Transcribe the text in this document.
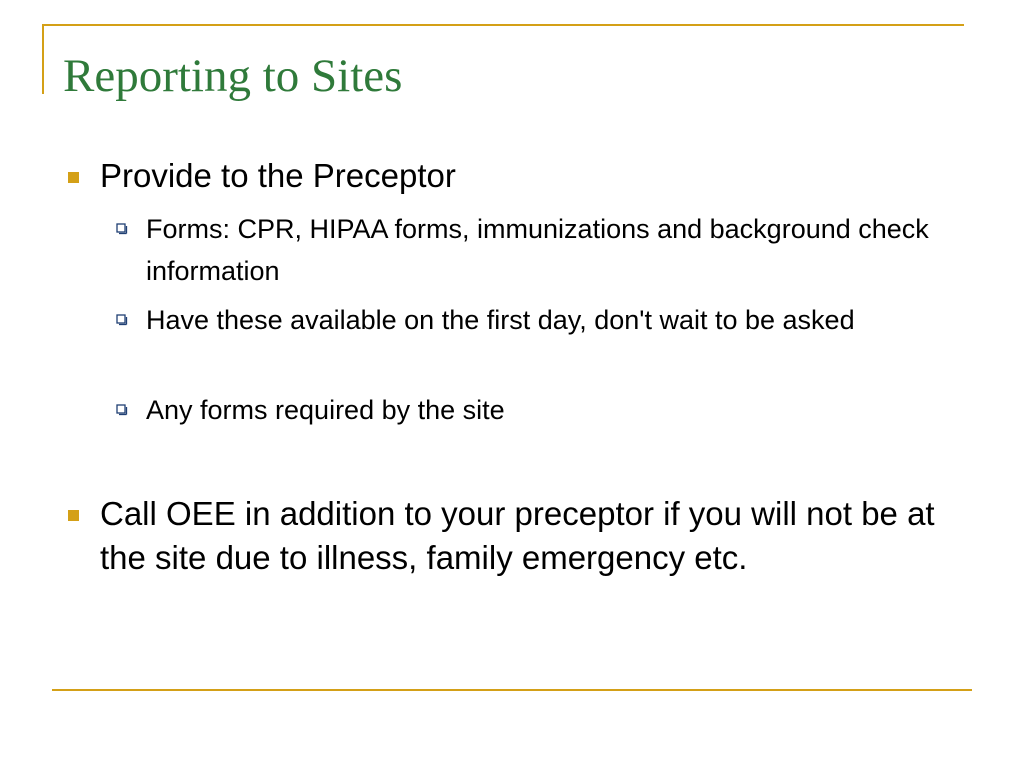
Reporting to Sites
Provide to the Preceptor
Forms: CPR, HIPAA forms, immunizations and background check information
Have these available on the first day, don't wait to be asked
Any forms required by the site
Call OEE in addition to your preceptor if you will not be at the site due to illness, family emergency etc.
